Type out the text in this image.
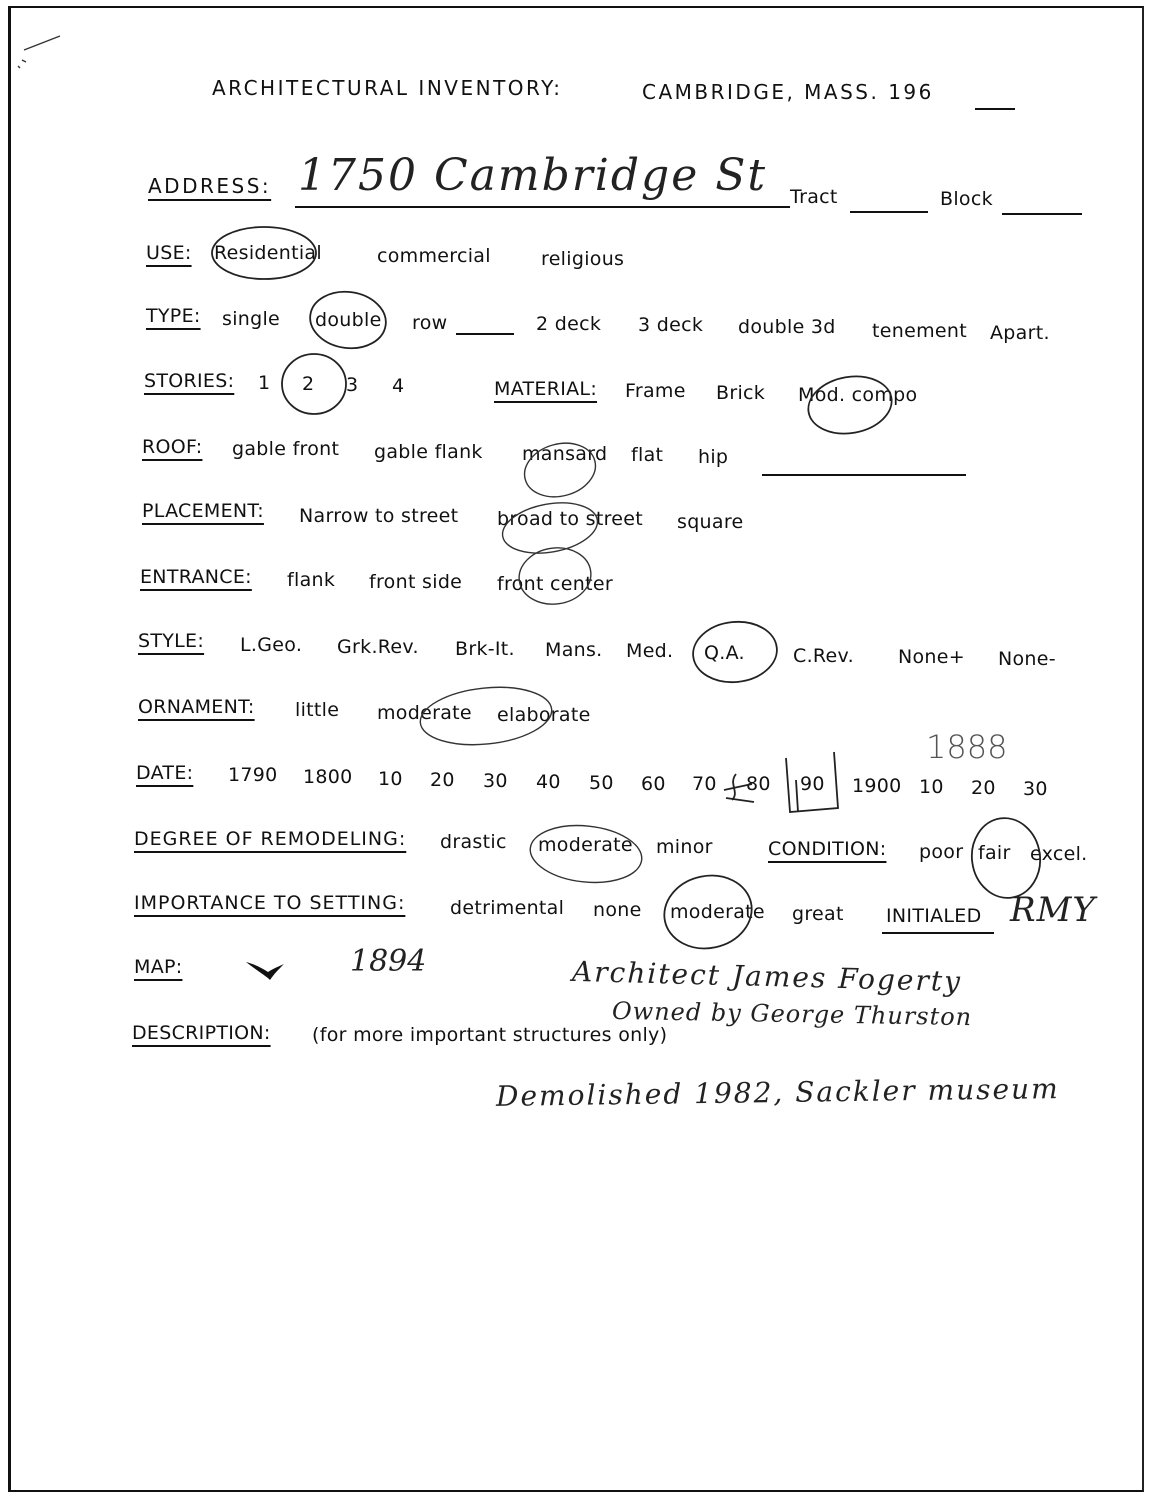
ARCHITECTURAL INVENTORY:	CAMBRIDGE, MASS. 196
ADDRESS: 1750 Cambridge St Tract	Block
USE: Residential	commercial	religious
TYPE: single double row	2 deck 3 deck double 3d tenement Apart.
STORIES: 1 2 3 4	MATERIAL: Frame Brick Mod. compo
ROOF: gable front gable flank mansard flat hip
PLACEMENT: Narrow to street broad to street square
ENTRANCE: flank front side front center
STYLE: L.Geo. Grk.Rev. Brk-It. Mans. Med. Q.A.	C.Rev. None+ None-
ORNAMENT: little moderate elaborate
DATE: 1790 1800 10 20 30 40 50 60 70 80 90 1900 10 20 30
1888
DEGREE OF REMODELING: drastic moderate minor	CONDITION: poor fair excel.
IMPORTANCE TO SETTING: detrimental none moderate great INITIALED RMY
MAP:	1894
DESCRIPTION: (for more important structures only)
Architect James Fogerty
Owned by George Thurston
Demolished 1982, Sackler museum
